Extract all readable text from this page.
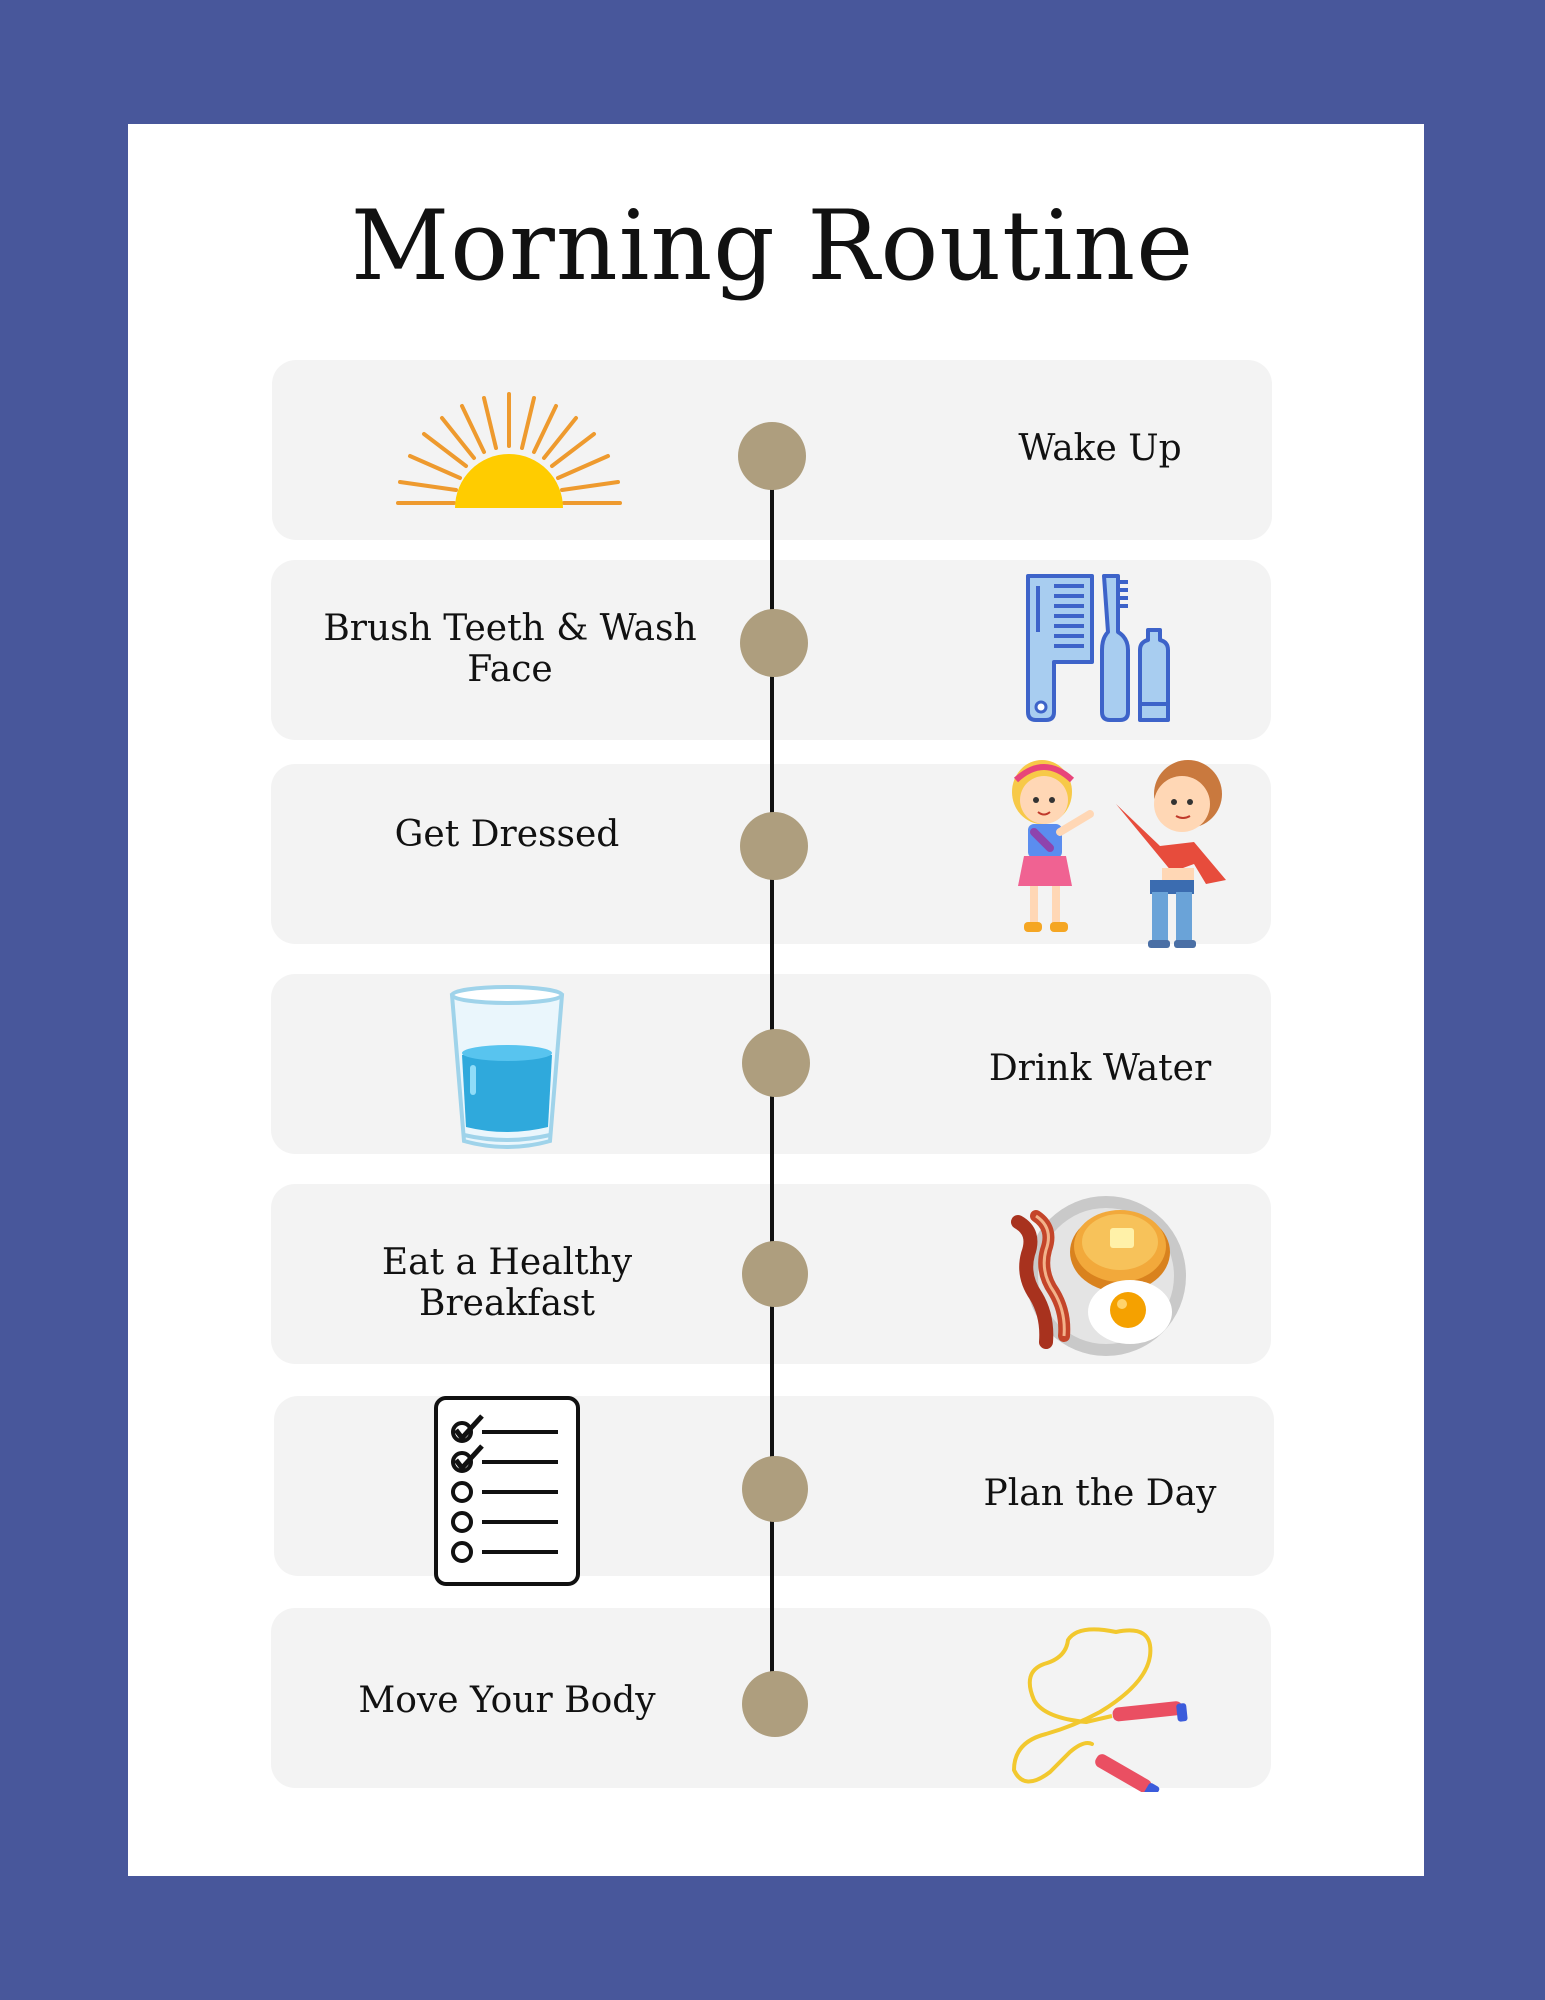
Morning Routine
Wake Up
Brush Teeth & Wash Face
Get Dressed
Drink Water
Eat a Healthy Breakfast
Plan the Day
Move Your Body
